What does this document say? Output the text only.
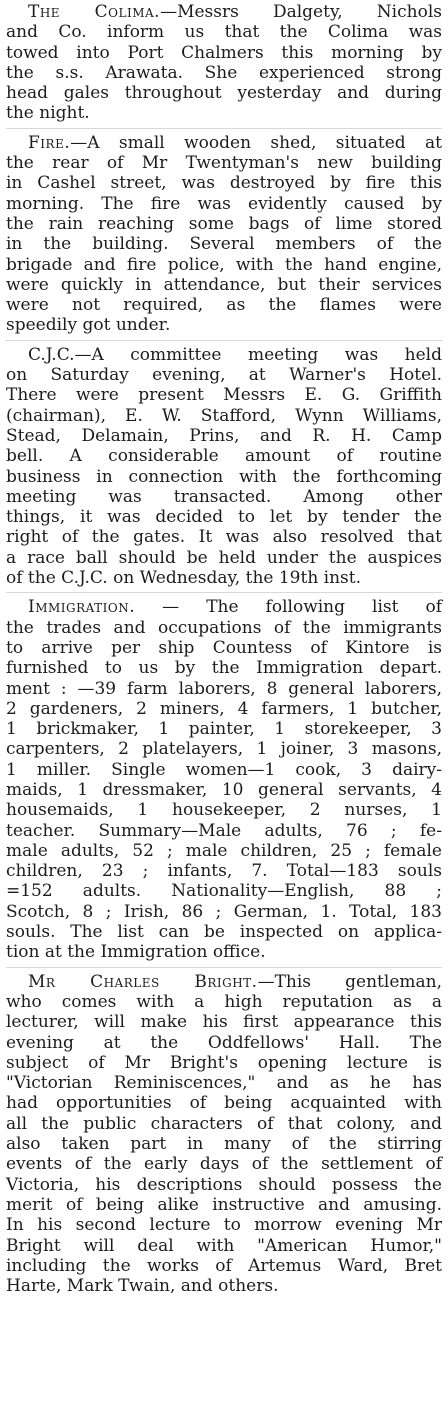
The Colima.—Messrs Dalgety, Nichols
and Co. inform us that the Colima was
towed into Port Chalmers this morning by
the s.s. Arawata. She experienced strong
head gales throughout yesterday and during
the night.
Fire.—A small wooden shed, situated at
the rear of Mr Twentyman's new building
in Cashel street, was destroyed by fire this
morning. The fire was evidently caused by
the rain reaching some bags of lime stored
in the building. Several members of the
brigade and fire police, with the hand engine,
were quickly in attendance, but their services
were not required, as the flames were
speedily got under.
C.J.C.—A committee meeting was held
on Saturday evening, at Warner's Hotel.
There were present Messrs E. G. Griffith
(chairman), E. W. Stafford, Wynn Williams,
Stead, Delamain, Prins, and R. H. Camp
bell. A considerable amount of routine
business in connection with the forthcoming
meeting was transacted. Among other
things, it was decided to let by tender the
right of the gates. It was also resolved that
a race ball should be held under the auspices
of the C.J.C. on Wednesday, the 19th inst.
Immigration. — The following list of
the trades and occupations of the immigrants
to arrive per ship Countess of Kintore is
furnished to us by the Immigration depart.
ment : —39 farm laborers, 8 general laborers,
2 gardeners, 2 miners, 4 farmers, 1 butcher,
1 brickmaker, 1 painter, 1 storekeeper, 3
carpenters, 2 platelayers, 1 joiner, 3 masons,
1 miller. Single women—1 cook, 3 dairy-
maids, 1 dressmaker, 10 general servants, 4
housemaids, 1 housekeeper, 2 nurses, 1
teacher. Summary—Male adults, 76 ; fe-
male adults, 52 ; male children, 25 ; female
children, 23 ; infants, 7. Total—183 souls
=152 adults. Nationality—English, 88 ;
Scotch, 8 ; Irish, 86 ; German, 1. Total, 183
souls. The list can be inspected on applica-
tion at the Immigration office.
Mr Charles Bright.—This gentleman,
who comes with a high reputation as a
lecturer, will make his first appearance this
evening at the Oddfellows' Hall. The
subject of Mr Bright's opening lecture is
"Victorian Reminiscences," and as he has
had opportunities of being acquainted with
all the public characters of that colony, and
also taken part in many of the stirring
events of the early days of the settlement of
Victoria, his descriptions should possess the
merit of being alike instructive and amusing.
In his second lecture to morrow evening Mr
Bright will deal with "American Humor,"
including the works of Artemus Ward, Bret
Harte, Mark Twain, and others.
